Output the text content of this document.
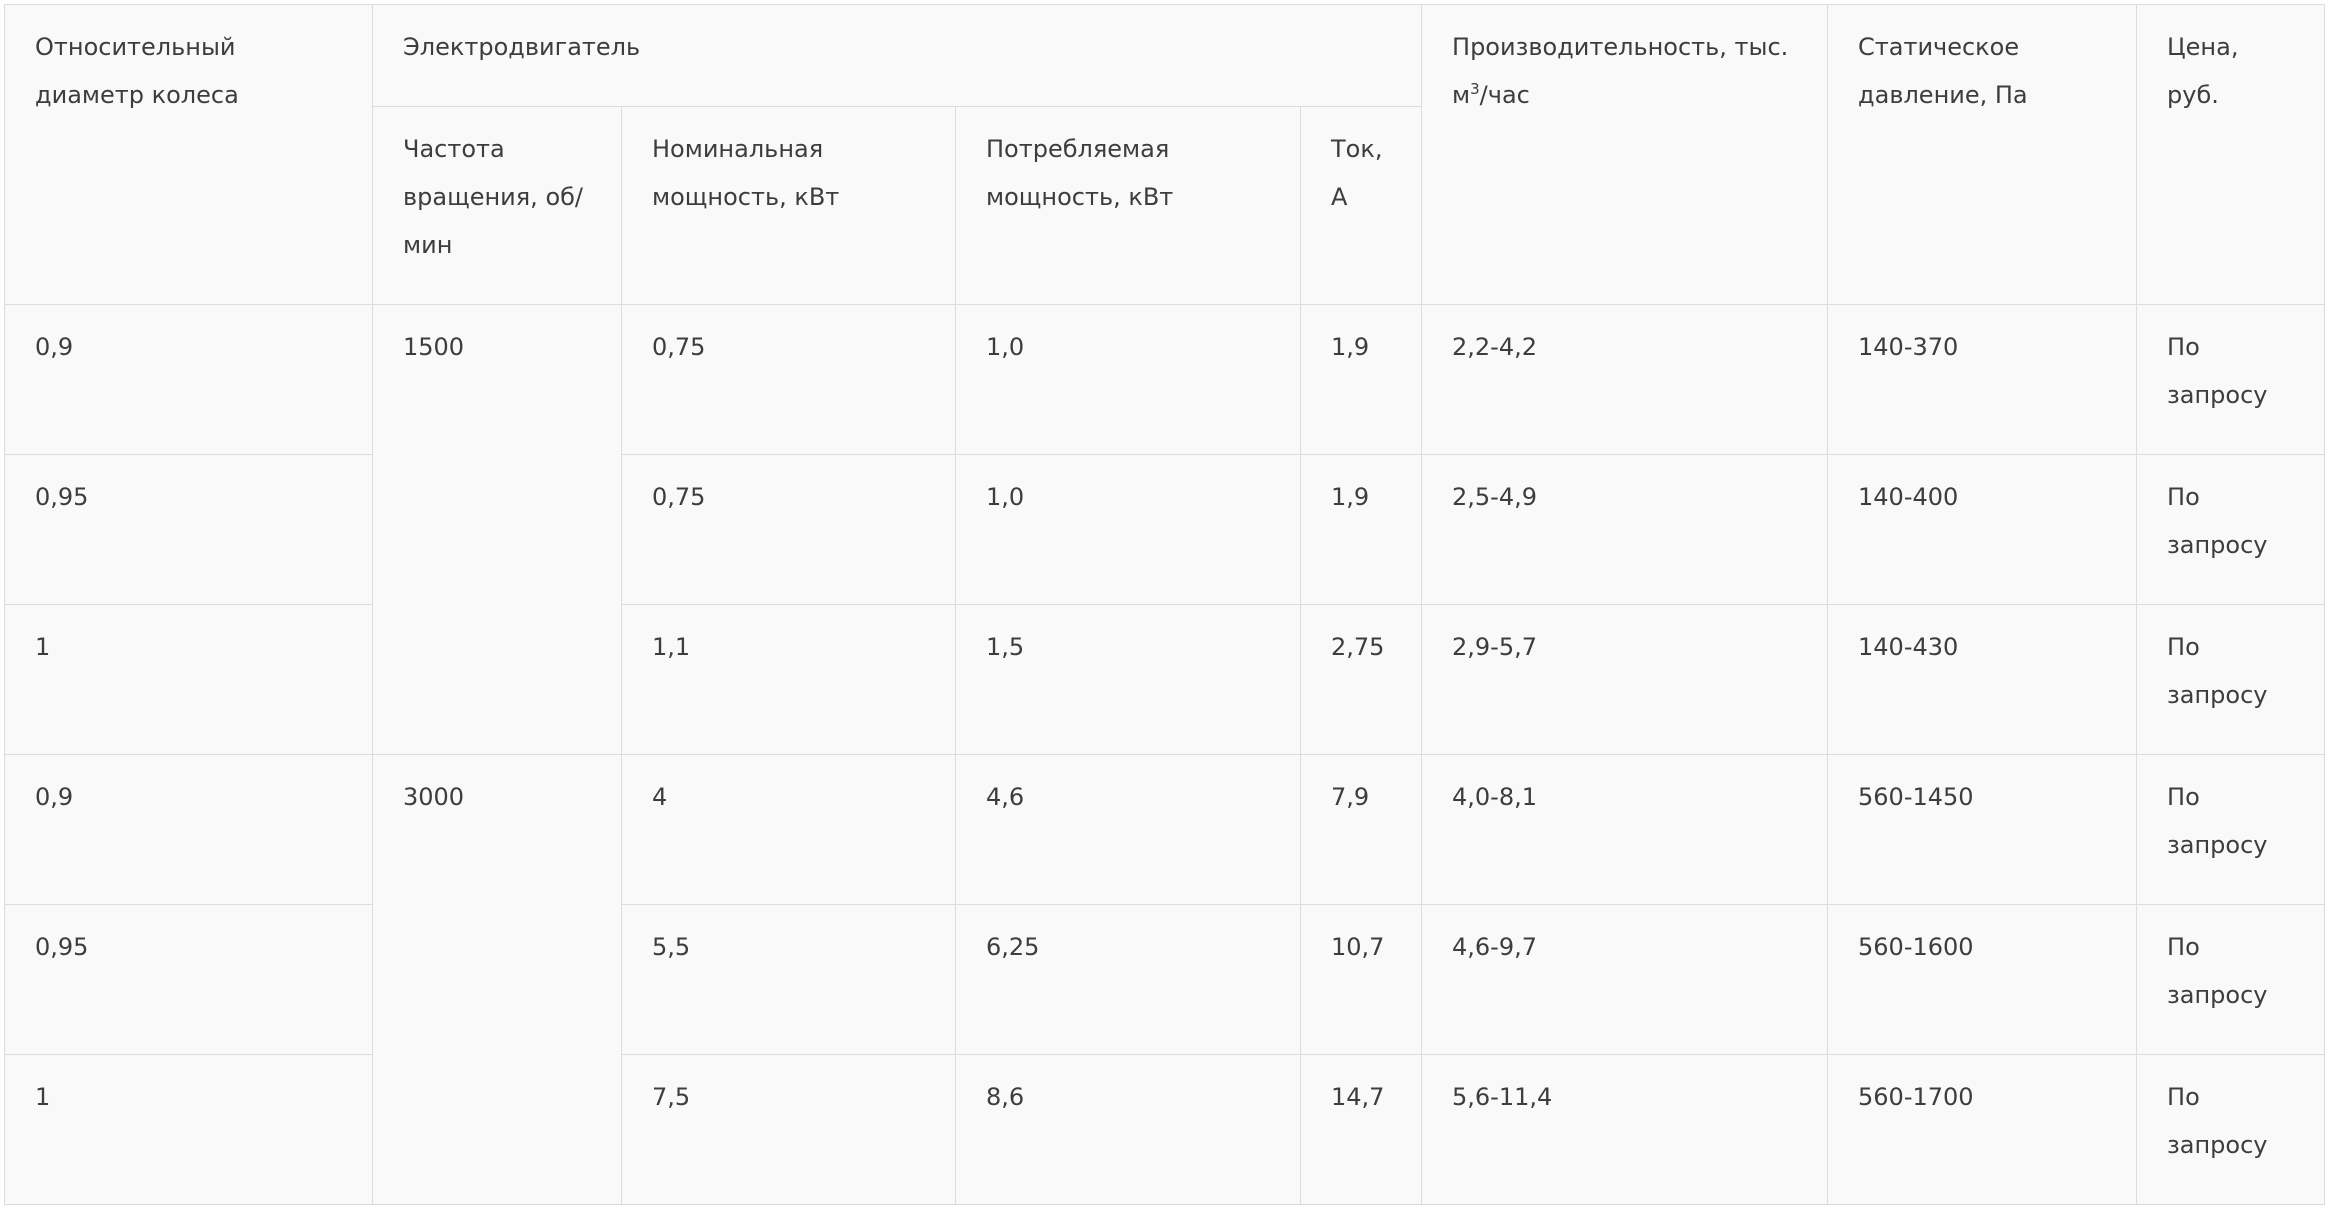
Относительный диаметр колеса	Электродвигатель				Производительность, тыс. $м^3$/час	Статическое давление, Па	Цена, руб.
	Частота вращения, об/мин	Номинальная мощность, кВт	Потребляемая мощность, кВт	Ток, А			
0,9	1500	0,75	1,0	1,9	2,2-4,2	140-370	По запросу
0,95		0,75	1,0	1,9	2,5-4,9	140-400	По запросу
1		1,1	1,5	2,75	2,9-5,7	140-430	По запросу
0,9	3000	4	4,6	7,9	4,0-8,1	560-1450	По запросу
0,95		5,5	6,25	10,7	4,6-9,7	560-1600	По запросу
1		7,5	8,6	14,7	5,6-11,4	560-1700	По запросу
